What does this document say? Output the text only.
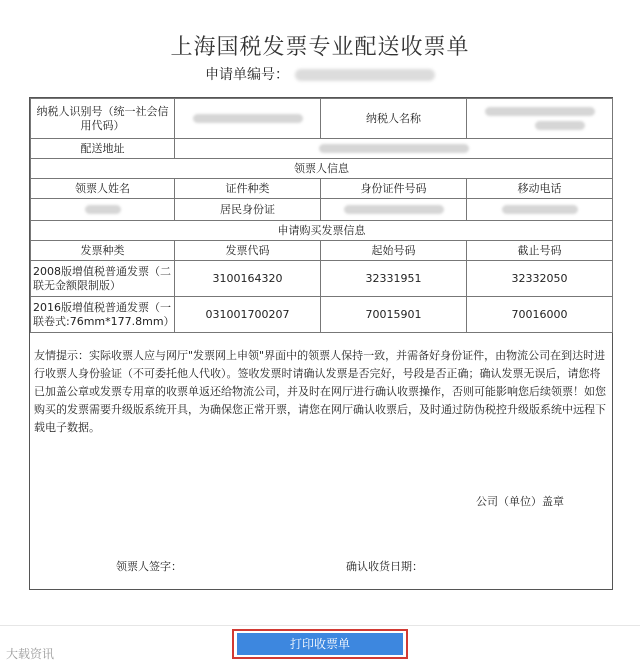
上海国税发票专业配送收票单
申请单编号：
纳税人识别号（统一社会信用代码）		纳税人名称	

配送地址			
领票人信息			
领票人姓名	证件种类	身份证件号码	移动电话
	居民身份证		
申请购买发票信息			
发票种类	发票代码	起始号码	截止号码
2008版增值税普通发票（二联无金额限制版）	3100164320	32331951	32332050
2016版增值税普通发票（一联卷式:76mm*177.8mm）	031001700207	70015901	70016000
友情提示：实际收票人应与网厅"发票网上申领"界面中的领票人保持一致，并需备好身份证件，由物流公司在到达时进行收票人身份验证（不可委托他人代收）。签收发票时请确认发票是否完好，号段是否正确；确认发票无误后，请您将已加盖公章或发票专用章的收票单返还给物流公司，并及时在网厅进行确认收票操作，否则可能影响您后续领票！如您购买的发票需要升级版系统开具，为确保您正常开票，请您在网厅确认收票后，及时通过防伪税控升级版系统中远程下载电子数据。
公司（单位）盖章
领票人签字：	确认收货日期：
打印收票单
大载资讯
